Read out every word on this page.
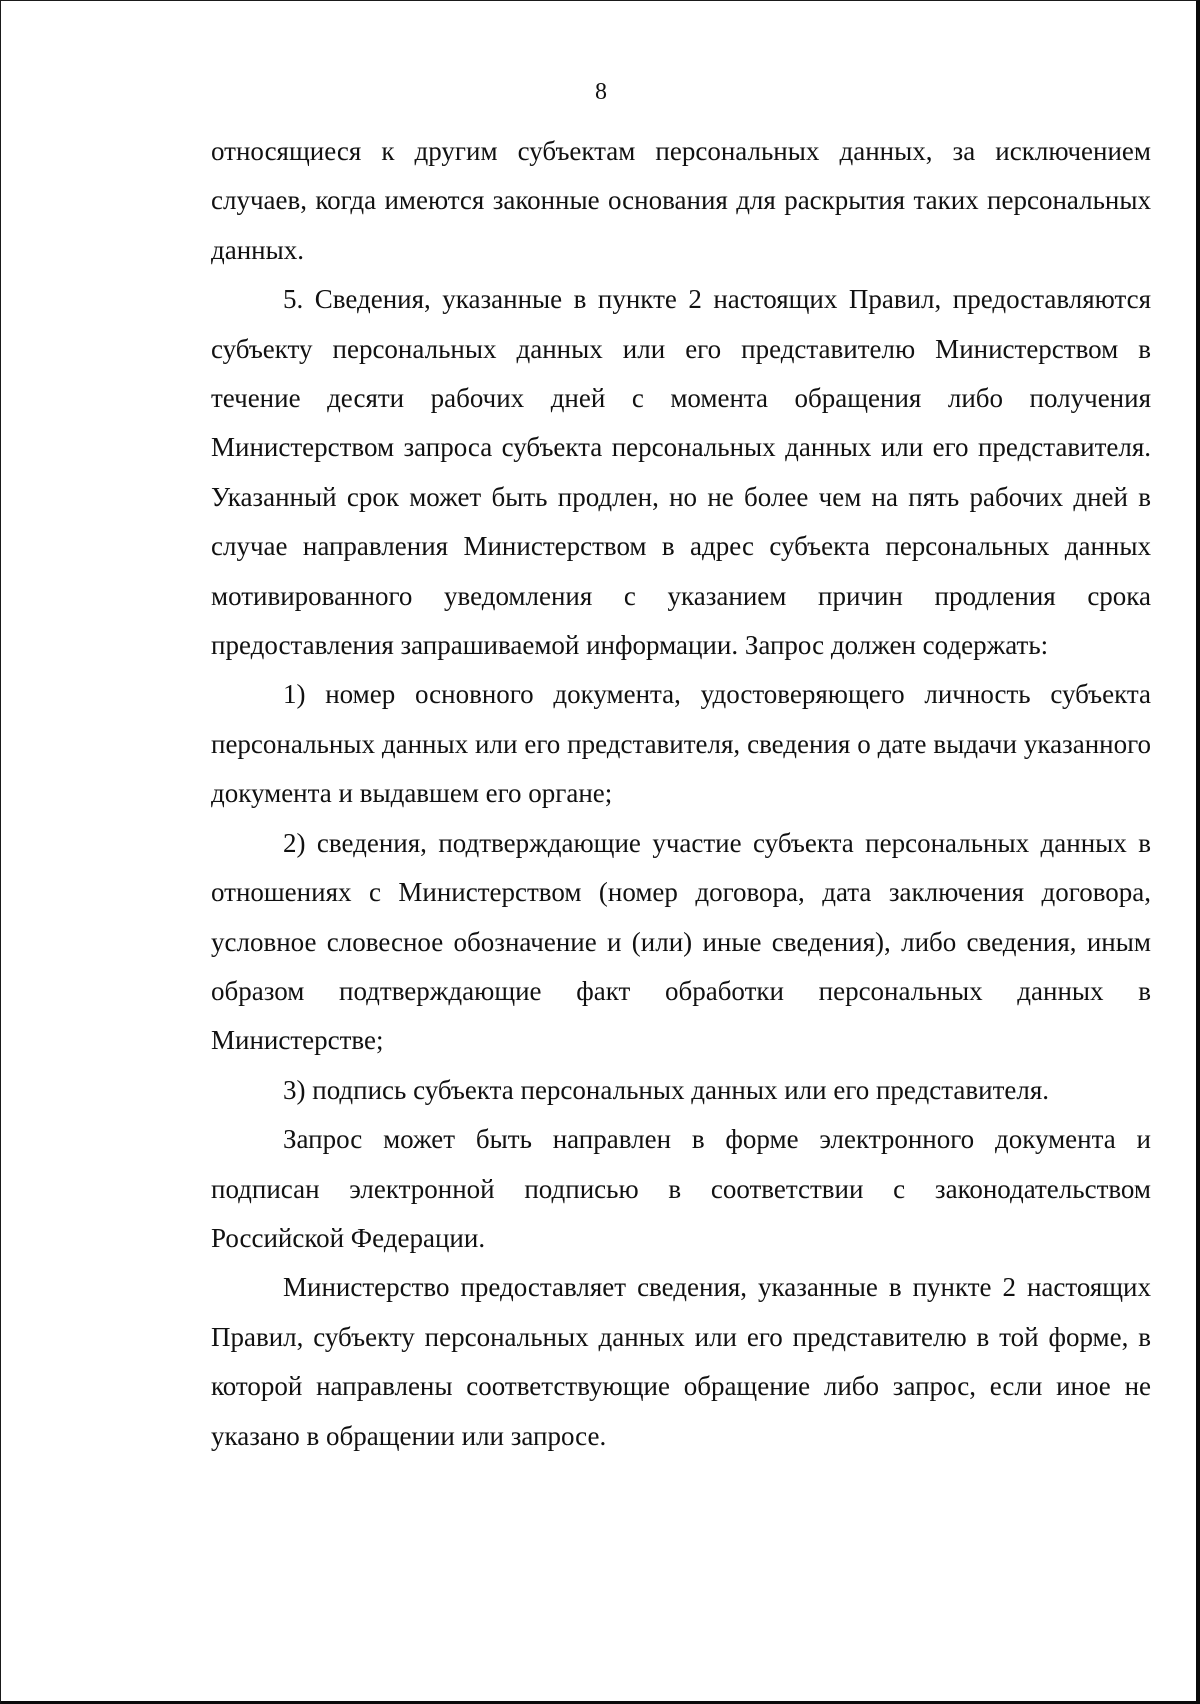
8

относящиеся к другим субъектам персональных данных, за исключением случаев, когда имеются законные основания для раскрытия таких персональных данных.

5. Сведения, указанные в пункте 2 настоящих Правил, предоставляются субъекту персональных данных или его представителю Министерством в течение десяти рабочих дней с момента обращения либо получения Министерством запроса субъекта персональных данных или его представителя. Указанный срок может быть продлен, но не более чем на пять рабочих дней в случае направления Министерством в адрес субъекта персональных данных мотивированного уведомления с указанием причин продления срока предоставления запрашиваемой информации. Запрос должен содержать:

1) номер основного документа, удостоверяющего личность субъекта персональных данных или его представителя, сведения о дате выдачи указанного документа и выдавшем его органе;

2) сведения, подтверждающие участие субъекта персональных данных в отношениях с Министерством (номер договора, дата заключения договора, условное словесное обозначение и (или) иные сведения), либо сведения, иным образом подтверждающие факт обработки персональных данных в Министерстве;

3) подпись субъекта персональных данных или его представителя.

Запрос может быть направлен в форме электронного документа и подписан электронной подписью в соответствии с законодательством Российской Федерации.

Министерство предоставляет сведения, указанные в пункте 2 настоящих Правил, субъекту персональных данных или его представителю в той форме, в которой направлены соответствующие обращение либо запрос, если иное не указано в обращении или запросе.
